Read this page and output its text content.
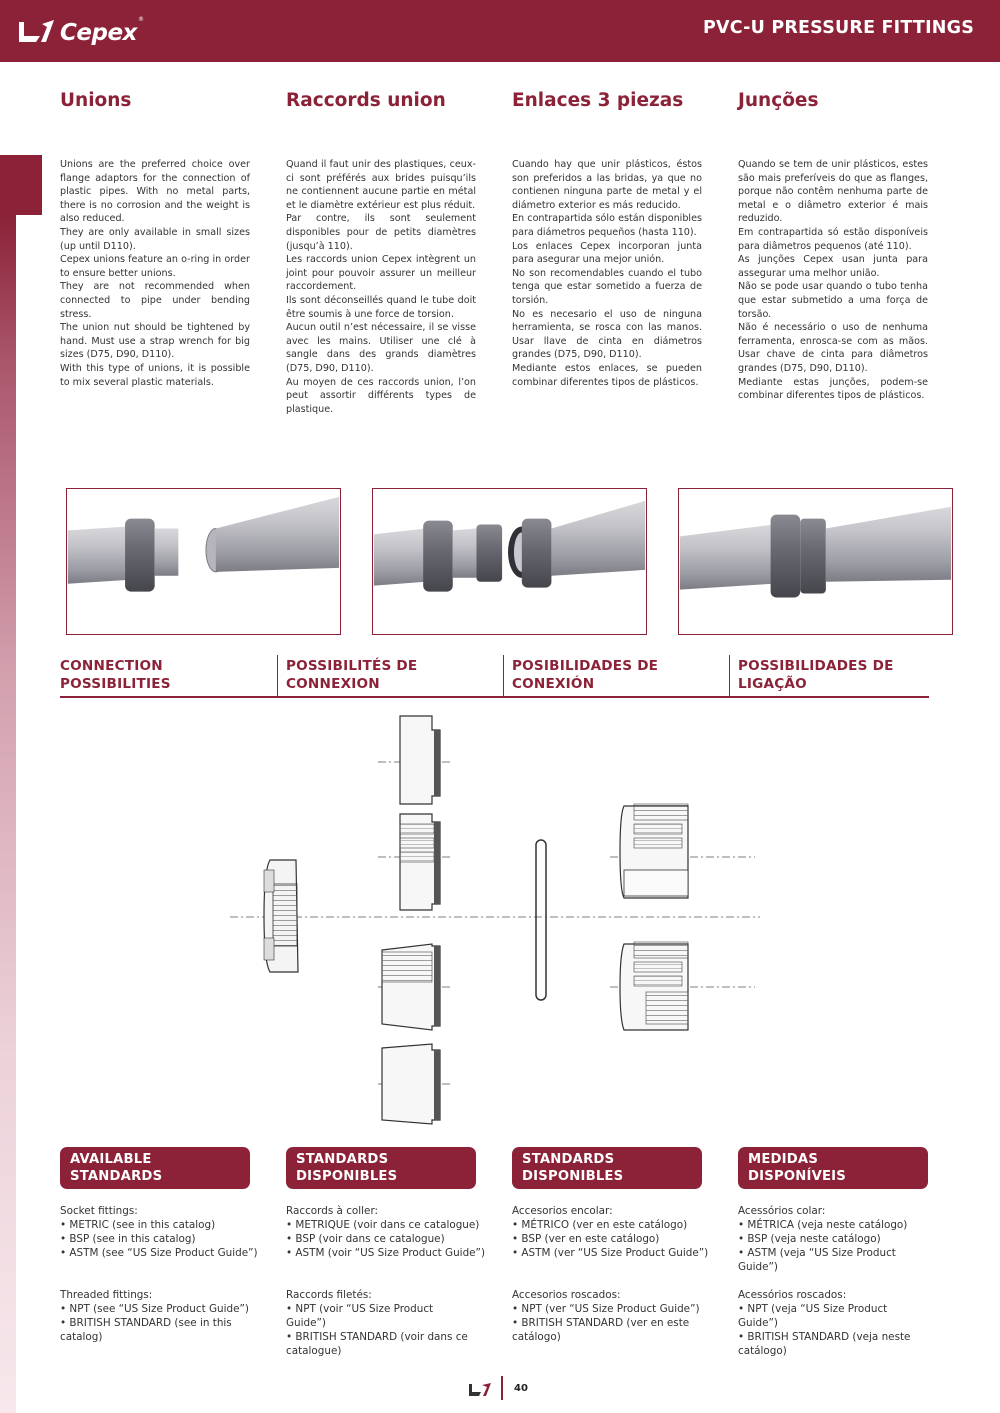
Cepex
®	PVC-U PRESSURE FITTINGS
Unions	Raccords union	Enlaces 3 piezas	Junções

Unions are the preferred choice over flange adaptors for the connection of plastic pipes. With no metal parts, there is no corrosion and the weight is also reduced.

They are only available in small sizes (up until D110).

Cepex unions feature an o-ring in order to ensure better unions.

They are not recommended when connected to pipe under bending stress.

The union nut should be tightened by hand. Must use a strap wrench for big sizes (D75, D90, D110).

With this type of unions, it is possible to mix several plastic materials.

Quand il faut unir des plastiques, ceux-ci sont préférés aux brides puisqu’ils ne contiennent aucune partie en métal et le diamètre extérieur est plus réduit.

Par contre, ils sont seulement disponibles pour de petits diamètres (jusqu’à 110).

Les raccords union Cepex intègrent un joint pour pouvoir assurer un meilleur raccordement.

Ils sont déconseillés quand le tube doit être soumis à une force de torsion.

Aucun outil n’est nécessaire, il se visse avec les mains. Utiliser une clé à sangle dans des grands diamètres (D75, D90, D110).

Au moyen de ces raccords union, l’on peut assortir différents types de plastique.

Cuando hay que unir plásticos, éstos son preferidos a las bridas, ya que no contienen ninguna parte de metal y el diámetro exterior es más reducido.

En contrapartida sólo están disponibles para diámetros pequeños (hasta 110).

Los enlaces Cepex incorporan junta para asegurar una mejor unión.

No son recomendables cuando el tubo tenga que estar sometido a fuerza de torsión.

No es necesario el uso de ninguna herramienta, se rosca con las manos. Usar llave de cinta en diámetros grandes (D75, D90, D110).

Mediante estos enlaces, se pueden combinar diferentes tipos de plásticos.

Quando se tem de unir plásticos, estes são mais preferíveis do que as flanges, porque não contêm nenhuma parte de metal e o diâmetro exterior é mais reduzido.

Em contrapartida só estão disponíveis para diâmetros pequenos (até 110).

As junções Cepex usan junta para assegurar uma melhor união.

Não se pode usar quando o tubo tenha que estar submetido a uma força de torsão.

Não é necessário o uso de nenhuma ferramenta, enrosca-se com as mãos. Usar chave de cinta para diâmetros grandes (D75, D90, D110).

Mediante estas junções, podem-se combinar diferentes tipos de plásticos.

CONNECTION
POSSIBILITIES
POSSIBILITÉS DE
CONNEXION
POSIBILIDADES DE
CONEXIÓN
POSSIBILIDADES DE
LIGAÇÃO
AVAILABLE
STANDARDS
STANDARDS
DISPONIBLES
STANDARDS
DISPONIBLES
MEDIDAS
DISPONÍVEIS
Socket fittings:
• METRIC (see in this catalog)
• BSP (see in this catalog)
• ASTM (see “US Size Product Guide”)
Raccords à coller:
• METRIQUE (voir dans ce catalogue)
• BSP (voir dans ce catalogue)
• ASTM (voir “US Size Product Guide”)
Accesorios encolar:
• MÉTRICO (ver en este catálogo)
• BSP (ver en este catálogo)
• ASTM (ver “US Size Product Guide”)
Acessórios colar:
• MÉTRICA (veja neste catálogo)
• BSP (veja neste catálogo)
• ASTM (veja “US Size Product Guide”)
Threaded fittings:
• NPT (see “US Size Product Guide”)
• BRITISH STANDARD (see in this catalog)
Raccords filetés:
• NPT (voir “US Size Product Guide”)
• BRITISH STANDARD (voir dans ce catalogue)
Accesorios roscados:
• NPT (ver “US Size Product Guide”)
• BRITISH STANDARD (ver en este catálogo)
Acessórios roscados:
• NPT (veja “US Size Product Guide”)
• BRITISH STANDARD (veja neste catálogo)
40
